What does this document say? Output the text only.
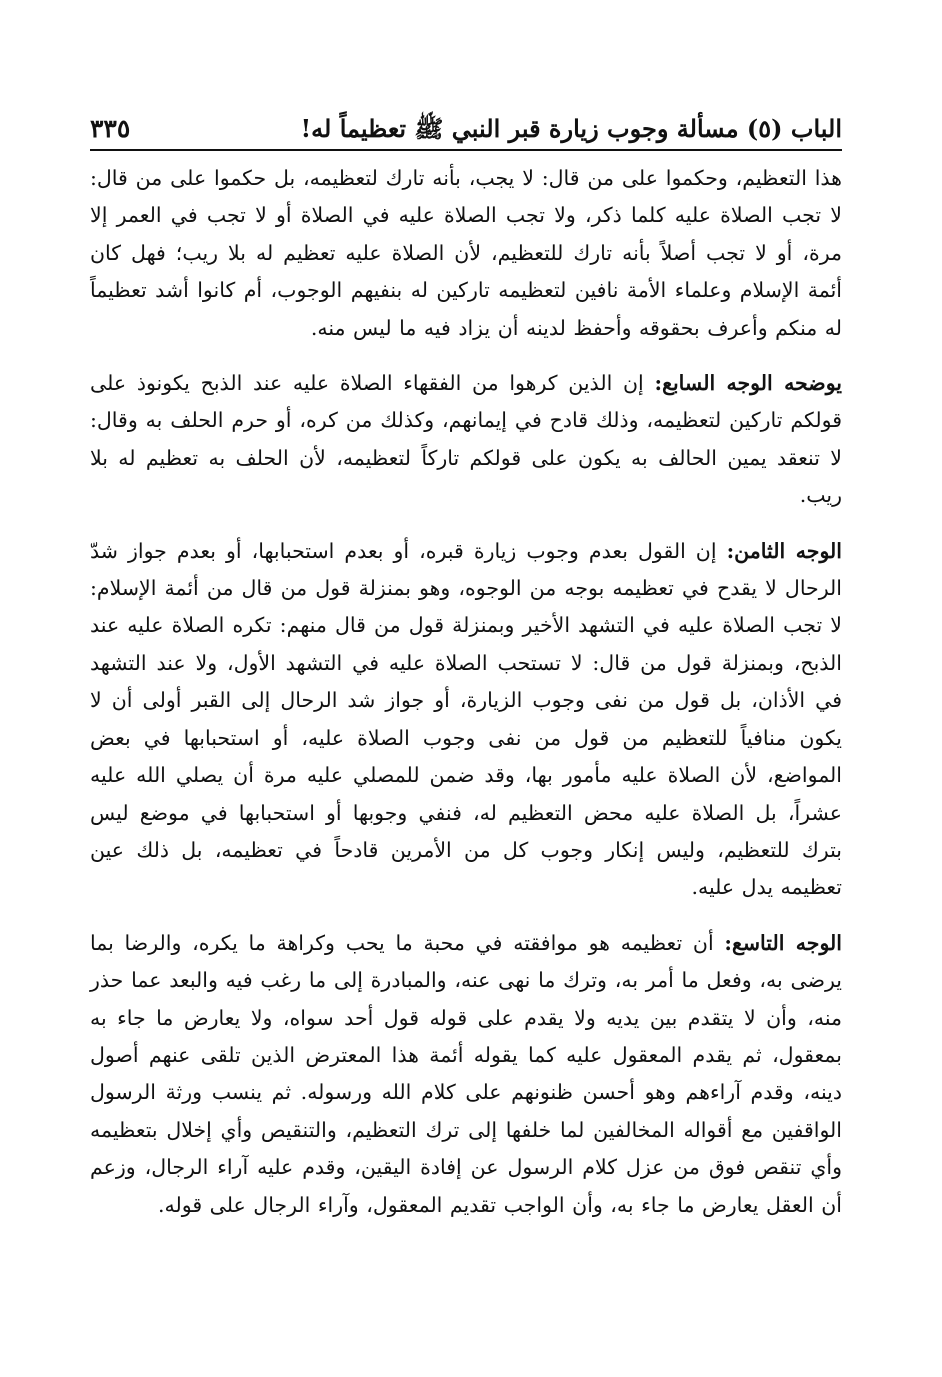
الباب (٥) مسألة وجوب زيارة قبر النبي ﷺ تعظيماً له!
٣٣٥

هذا التعظيم، وحكموا على من قال: لا يجب، بأنه تارك لتعظيمه، بل حكموا على من قال: لا تجب الصلاة عليه كلما ذكر، ولا تجب الصلاة عليه في الصلاة أو لا تجب في العمر إلا مرة، أو لا تجب أصلاً بأنه تارك للتعظيم، لأن الصلاة عليه تعظيم له بلا ريب؛ فهل كان أئمة الإسلام وعلماء الأمة نافين لتعظيمه تاركين له بنفيهم الوجوب، أم كانوا أشد تعظيماً له منكم وأعرف بحقوقه وأحفظ لدينه أن يزاد فيه ما ليس منه.

يوضحه الوجه السابع: إن الذين كرهوا من الفقهاء الصلاة عليه عند الذبح يكونوذ على قولكم تاركين لتعظيمه، وذلك قادح في إيمانهم، وكذلك من كره، أو حرم الحلف به وقال: لا تنعقد يمين الحالف به يكون على قولكم تاركاً لتعظيمه، لأن الحلف به تعظيم له بلا ريب.

الوجه الثامن: إن القول بعدم وجوب زيارة قبره، أو بعدم استحبابها، أو بعدم جواز شدّ الرحال لا يقدح في تعظيمه بوجه من الوجوه، وهو بمنزلة قول من قال من أئمة الإسلام: لا تجب الصلاة عليه في التشهد الأخير وبمنزلة قول من قال منهم: تكره الصلاة عليه عند الذبح، وبمنزلة قول من قال: لا تستحب الصلاة عليه في التشهد الأول، ولا عند التشهد في الأذان، بل قول من نفى وجوب الزيارة، أو جواز شد الرحال إلى القبر أولى أن لا يكون منافياً للتعظيم من قول من نفى وجوب الصلاة عليه، أو استحبابها في بعض المواضع، لأن الصلاة عليه مأمور بها، وقد ضمن للمصلي عليه مرة أن يصلي الله عليه عشراً، بل الصلاة عليه محض التعظيم له، فنفي وجوبها أو استحبابها في موضع ليس بترك للتعظيم، وليس إنكار وجوب كل من الأمرين قادحاً في تعظيمه، بل ذلك عين تعظيمه يدل عليه.

الوجه التاسع: أن تعظيمه هو موافقته في محبة ما يحب وكراهة ما يكره، والرضا بما يرضى به، وفعل ما أمر به، وترك ما نهى عنه، والمبادرة إلى ما رغب فيه والبعد عما حذر منه، وأن لا يتقدم بين يديه ولا يقدم على قوله قول أحد سواه، ولا يعارض ما جاء به بمعقول، ثم يقدم المعقول عليه كما يقوله أئمة هذا المعترض الذين تلقى عنهم أصول دينه، وقدم آراءهم وهو أحسن ظنونهم على كلام الله ورسوله. ثم ينسب ورثة الرسول الواقفين مع أقواله المخالفين لما خلفها إلى ترك التعظيم، والتنقيص وأي إخلال بتعظيمه وأي تنقص فوق من عزل كلام الرسول عن إفادة اليقين، وقدم عليه آراء الرجال، وزعم أن العقل يعارض ما جاء به، وأن الواجب تقديم المعقول، وآراء الرجال على قوله.
